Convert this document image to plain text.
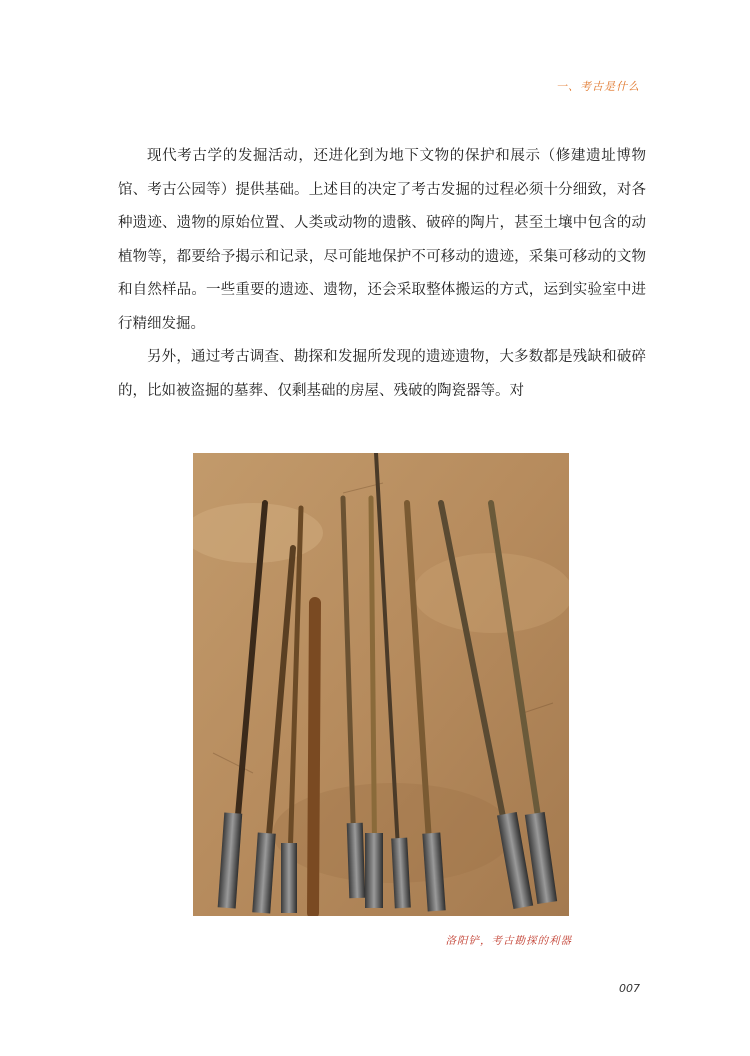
一、考古是什么

现代考古学的发掘活动，还进化到为地下文物的保护和展示（修建遗址博物馆、考古公园等）提供基础。上述目的决定了考古发掘的过程必须十分细致，对各种遗迹、遗物的原始位置、人类或动物的遗骸、破碎的陶片，甚至土壤中包含的动植物等，都要给予揭示和记录，尽可能地保护不可移动的遗迹，采集可移动的文物和自然样品。一些重要的遗迹、遗物，还会采取整体搬运的方式，运到实验室中进行精细发掘。

另外，通过考古调查、勘探和发掘所发现的遗迹遗物，大多数都是残缺和破碎的，比如被盗掘的墓葬、仅剩基础的房屋、残破的陶瓷器等。对

洛阳铲，考古勘探的利器
007
